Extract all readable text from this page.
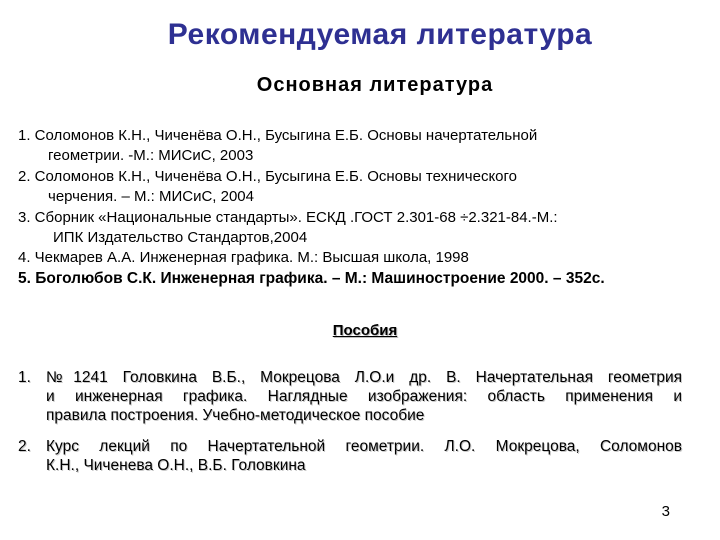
Рекомендуемая литература
Основная литература
1. Соломонов К.Н., Чиченёва О.Н., Бусыгина Е.Б. Основы начертательной
геометрии. -М.: МИСиС, 2003
2. Соломонов К.Н., Чиченёва О.Н., Бусыгина Е.Б. Основы технического
черчения. – М.: МИСиС, 2004
3. Сборник «Национальные стандарты». ЕСКД .ГОСТ 2.301-68 ÷2.321-84.-М.:
ИПК Издательство Стандартов,2004
4. Чекмарев А.А. Инженерная графика. М.: Высшая школа, 1998
5. Боголюбов С.К. Инженерная графика. – М.: Машиностроение 2000. – 352с.
Пособия
1. №1241 Головкина В.Б., Мокрецова Л.О.и др. В. Начертательная геометрия
и инженерная графика. Наглядные изображения: область применения и
правила построения. Учебно-методическое пособие
2. Курс лекций по Начертательной геометрии. Л.О. Мокрецова, Соломонов
К.Н., Чиченева О.Н., В.Б. Головкина
3
